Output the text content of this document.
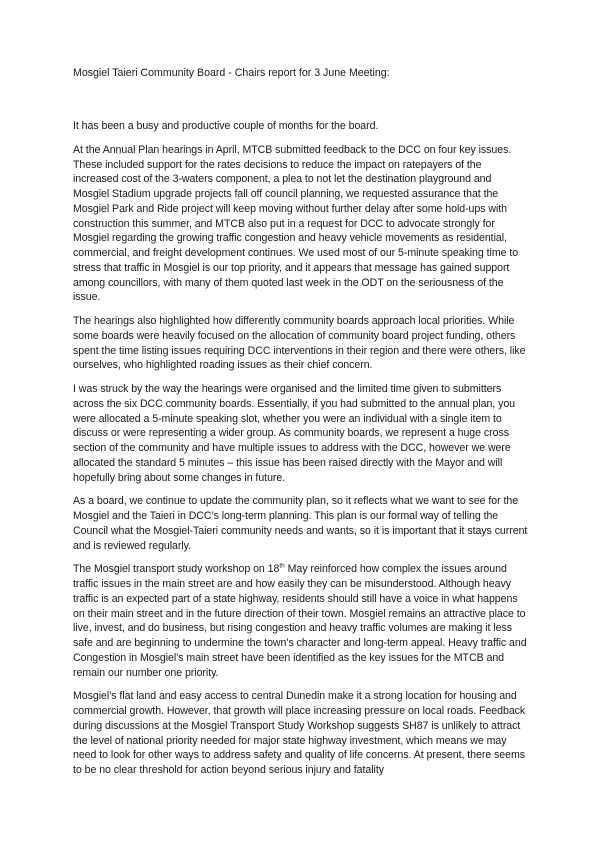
Mosgiel Taieri Community Board - Chairs report for 3 June Meeting:

It has been a busy and productive couple of months for the board.

At the Annual Plan hearings in April, MTCB submitted feedback to the DCC on four key issues. These included support for the rates decisions to reduce the impact on ratepayers of the increased cost of the 3-waters component, a plea to not let the destination playground and Mosgiel Stadium upgrade projects fall off council planning, we requested assurance that the Mosgiel Park and Ride project will keep moving without further delay after some hold-ups with construction this summer, and MTCB also put in a request for DCC to advocate strongly for Mosgiel regarding the growing traffic congestion and heavy vehicle movements as residential, commercial, and freight development continues. We used most of our 5-minute speaking time to stress that traffic in Mosgiel is our top priority, and it appears that message has gained support among councillors, with many of them quoted last week in the ODT on the seriousness of the issue.

The hearings also highlighted how differently community boards approach local priorities. While some boards were heavily focused on the allocation of community board project funding, others spent the time listing issues requiring DCC interventions in their region and there were others, like ourselves, who highlighted roading issues as their chief concern.

I was struck by the way the hearings were organised and the limited time given to submitters across the six DCC community boards. Essentially, if you had submitted to the annual plan, you were allocated a 5-minute speaking slot, whether you were an individual with a single item to discuss or were representing a wider group. As community boards, we represent a huge cross section of the community and have multiple issues to address with the DCC, however we were allocated the standard 5 minutes – this issue has been raised directly with the Mayor and will hopefully bring about some changes in future.

As a board, we continue to update the community plan, so it reflects what we want to see for the Mosgiel and the Taieri in DCC’s long-term planning. This plan is our formal way of telling the Council what the Mosgiel-Taieri community needs and wants, so it is important that it stays current and is reviewed regularly.

The Mosgiel transport study workshop on 18th May reinforced how complex the issues around traffic issues in the main street are and how easily they can be misunderstood. Although heavy traffic is an expected part of a state highway, residents should still have a voice in what happens on their main street and in the future direction of their town. Mosgiel remains an attractive place to live, invest, and do business, but rising congestion and heavy traffic volumes are making it less safe and are beginning to undermine the town’s character and long-term appeal. Heavy traffic and Congestion in Mosgiel’s main street have been identified as the key issues for the MTCB and remain our number one priority.

Mosgiel’s flat land and easy access to central Dunedin make it a strong location for housing and commercial growth. However, that growth will place increasing pressure on local roads. Feedback during discussions at the Mosgiel Transport Study Workshop suggests SH87 is unlikely to attract the level of national priority needed for major state highway investment, which means we may need to look for other ways to address safety and quality of life concerns. At present, there seems to be no clear threshold for action beyond serious injury and fatality
